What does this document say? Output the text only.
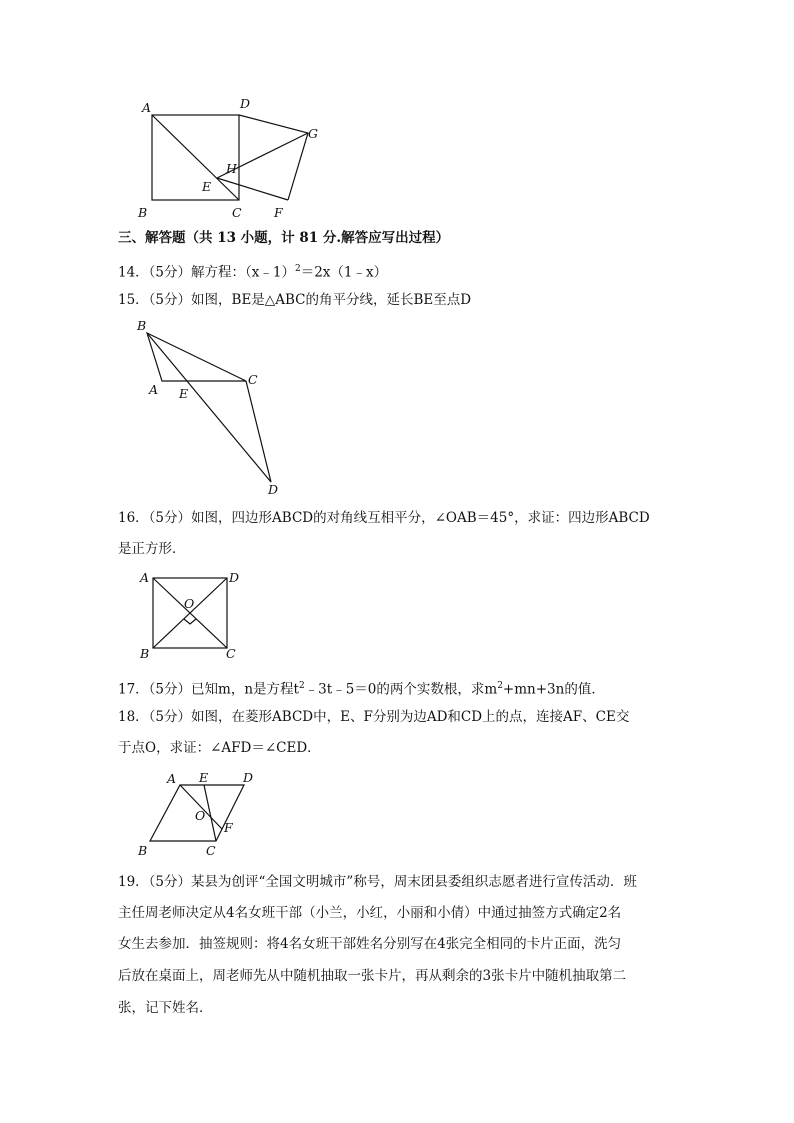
A	D
G
H
E
B	C	F
三、解答题（共 13 小题，计 81 分.解答应写出过程）
14．（5分）解方程：（x﹣1）$^2$＝2x（1﹣x）
15．（5分）如图，BE是△ABC的角平分线，延长BE至点D
B
A E
C
D
16．（5分）如图，四边形ABCD的对角线互相平分，∠OAB＝45°，求证：四边形ABCD
是正方形．
A	D
O
B	C
17．（5分）已知m，n是方程$t^2﹣3t﹣5=0$的两个实数根，求$m^2+mn+3n$的值．
18．（5分）如图，在菱形ABCD中，E、F分别为边AD和CD上的点，连接AF、CE交
于点O，求证：∠AFD＝∠CED．
A E	D
O
F
B	C
19．（5分）某县为创评“全国文明城市”称号，周末团县委组织志愿者进行宣传活动．班
主任周老师决定从4名女班干部（小兰，小红，小丽和小倩）中通过抽签方式确定2名
女生去参加．抽签规则：将4名女班干部姓名分别写在4张完全相同的卡片正面，洗匀
后放在桌面上，周老师先从中随机抽取一张卡片，再从剩余的3张卡片中随机抽取第二
张，记下姓名．
